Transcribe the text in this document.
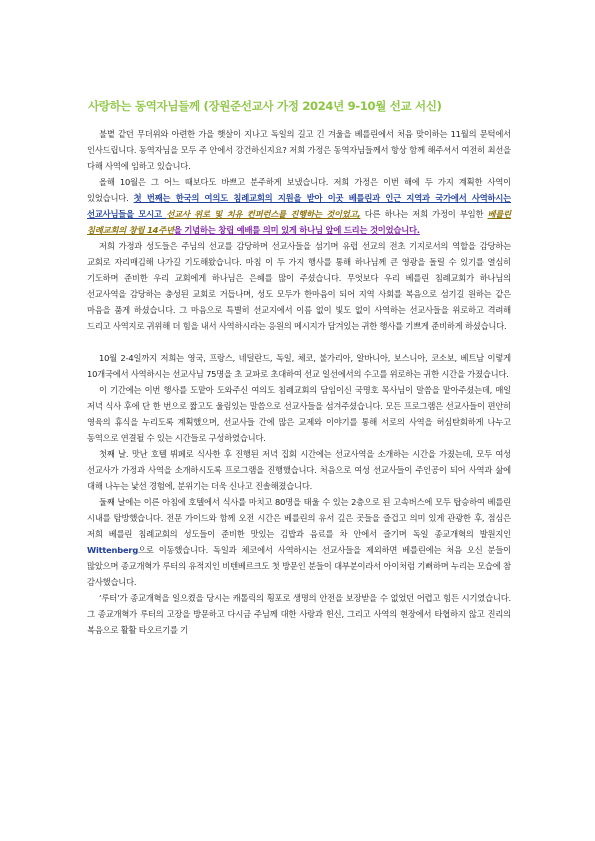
사랑하는 동역자님들께 (장원준선교사 가정 2024년 9-10월 선교 서신)

불볕 같던 무더위와 아련한 가을 햇살이 지나고 독일의 길고 긴 겨울을 베를린에서 처음 맞이하는 11월의 문턱에서 인사드립니다. 동역자님을 모두 주 안에서 강건하신지요? 저희 가정은 동역자님들께서 항상 함께 해주셔서 여전히 최선을 다해 사역에 임하고 있습니다.

올해 10월은 그 어느 때보다도 바쁘고 분주하게 보냈습니다. 저희 가정은 이번 해에 두 가지 계획한 사역이 있었습니다. 첫 번째는 한국의 여의도 침례교회의 지원을 받아 이곳 베를린과 인근 지역과 국가에서 사역하시는 선교사님들을 모시고 선교사 위로 및 치유 컨퍼런스를 진행하는 것이었고, 다른 하나는 저희 가정이 부임한 베를린 침례교회의 창립 14주년을 기념하는 창립 예배를 의미 있게 하나님 앞에 드리는 것이었습니다.

저희 가정과 성도들은 주님의 선교를 감당하며 선교사들을 섬기며 유럽 선교의 전초 기지로서의 역할을 감당하는 교회로 자리매김해 나가길 기도해왔습니다. 마침 이 두 가지 행사를 통해 하나님께 큰 영광을 돌릴 수 있기를 열심히 기도하며 준비한 우리 교회에게 하나님은 은혜를 많이 주셨습니다. 무엇보다 우리 베를린 침례교회가 하나님의 선교사역을 감당하는 충성된 교회로 거듭나며, 성도 모두가 한마음이 되어 지역 사회를 복음으로 섬기길 원하는 같은 마음을 품게 하셨습니다. 그 마음으로 특별히 선교지에서 이름 없이 빛도 없이 사역하는 선교사들을 위로하고 격려해 드리고 사역지로 귀위해 더 힘을 내서 사역하시라는 응원의 메시지가 담겨있는 귀한 행사를 기쁘게 준비하게 하셨습니다.

10월 2-4일까지 저희는 영국, 프랑스, 네덜란드, 독일, 체코, 불가리아, 알바니아, 보스니아, 코소보, 베트남 이렇게 10개국에서 사역하시는 선교사님 75명을 초 교파로 초대하여 선교 일선에서의 수고를 위로하는 귀한 시간을 가졌습니다.

이 기간에는 이번 행사를 도맡아 도와주신 여의도 침례교회의 담임이신 국명호 목사님이 말씀을 맡아주셨는데, 매일 저녁 식사 후에 단 한 번으로 짧고도 울림있는 말씀으로 선교사들을 섬겨주셨습니다. 모든 프로그램은 선교사들이 편안히 영육의 휴식을 누리도록 계획했으며, 선교사들 간에 많은 교제와 이야기를 통해 서로의 사역을 허심탄회하게 나누고 동역으로 연결될 수 있는 시간들로 구성하였습니다.

첫째 날. 맛난 호텔 뷔페로 식사한 후 진행된 저녁 집회 시간에는 선교사역을 소개하는 시간을 가졌는데, 모두 여성 선교사가 가정과 사역을 소개하시도록 프로그램을 진행했습니다. 처음으로 여성 선교사들이 주인공이 되어 사역과 삶에 대해 나누는 낯선 경험에, 분위기는 더욱 신나고 진솔해졌습니다.

둘째 날에는 이른 아침에 호텔에서 식사를 마치고 80명을 태울 수 있는 2층으로 된 고속버스에 모두 탑승하여 베를린 시내를 탐방했습니다. 전문 가이드와 함께 오전 시간은 베를린의 유서 깊은 곳들을 즐겁고 의미 있게 관광한 후, 점심은 저희 베를린 침례교회의 성도들이 준비한 맛있는 김밥과 음료를 차 안에서 즐기며 독일 종교개혁의 발원지인 Wittenberg으로 이동했습니다. 독일과 체코에서 사역하시는 선교사들을 제외하면 베를린에는 처음 오신 분들이 많았으며 종교개혁가 루터의 유적지인 비텐베르크도 첫 방문인 분들이 대부분이라서 아이처럼 기뻐하며 누리는 모습에 참 감사했습니다.

‘루터’가 종교개혁을 일으켰을 당시는 캐톨릭의 횡포로 생명의 안전을 보장받을 수 없었던 어렵고 힘든 시기였습니다. 그 종교개혁가 루터의 고장을 방문하고 다시금 주님께 대한 사랑과 헌신, 그리고 사역의 현장에서 타협하지 않고 진리의 복음으로 활활 타오르기를 기
